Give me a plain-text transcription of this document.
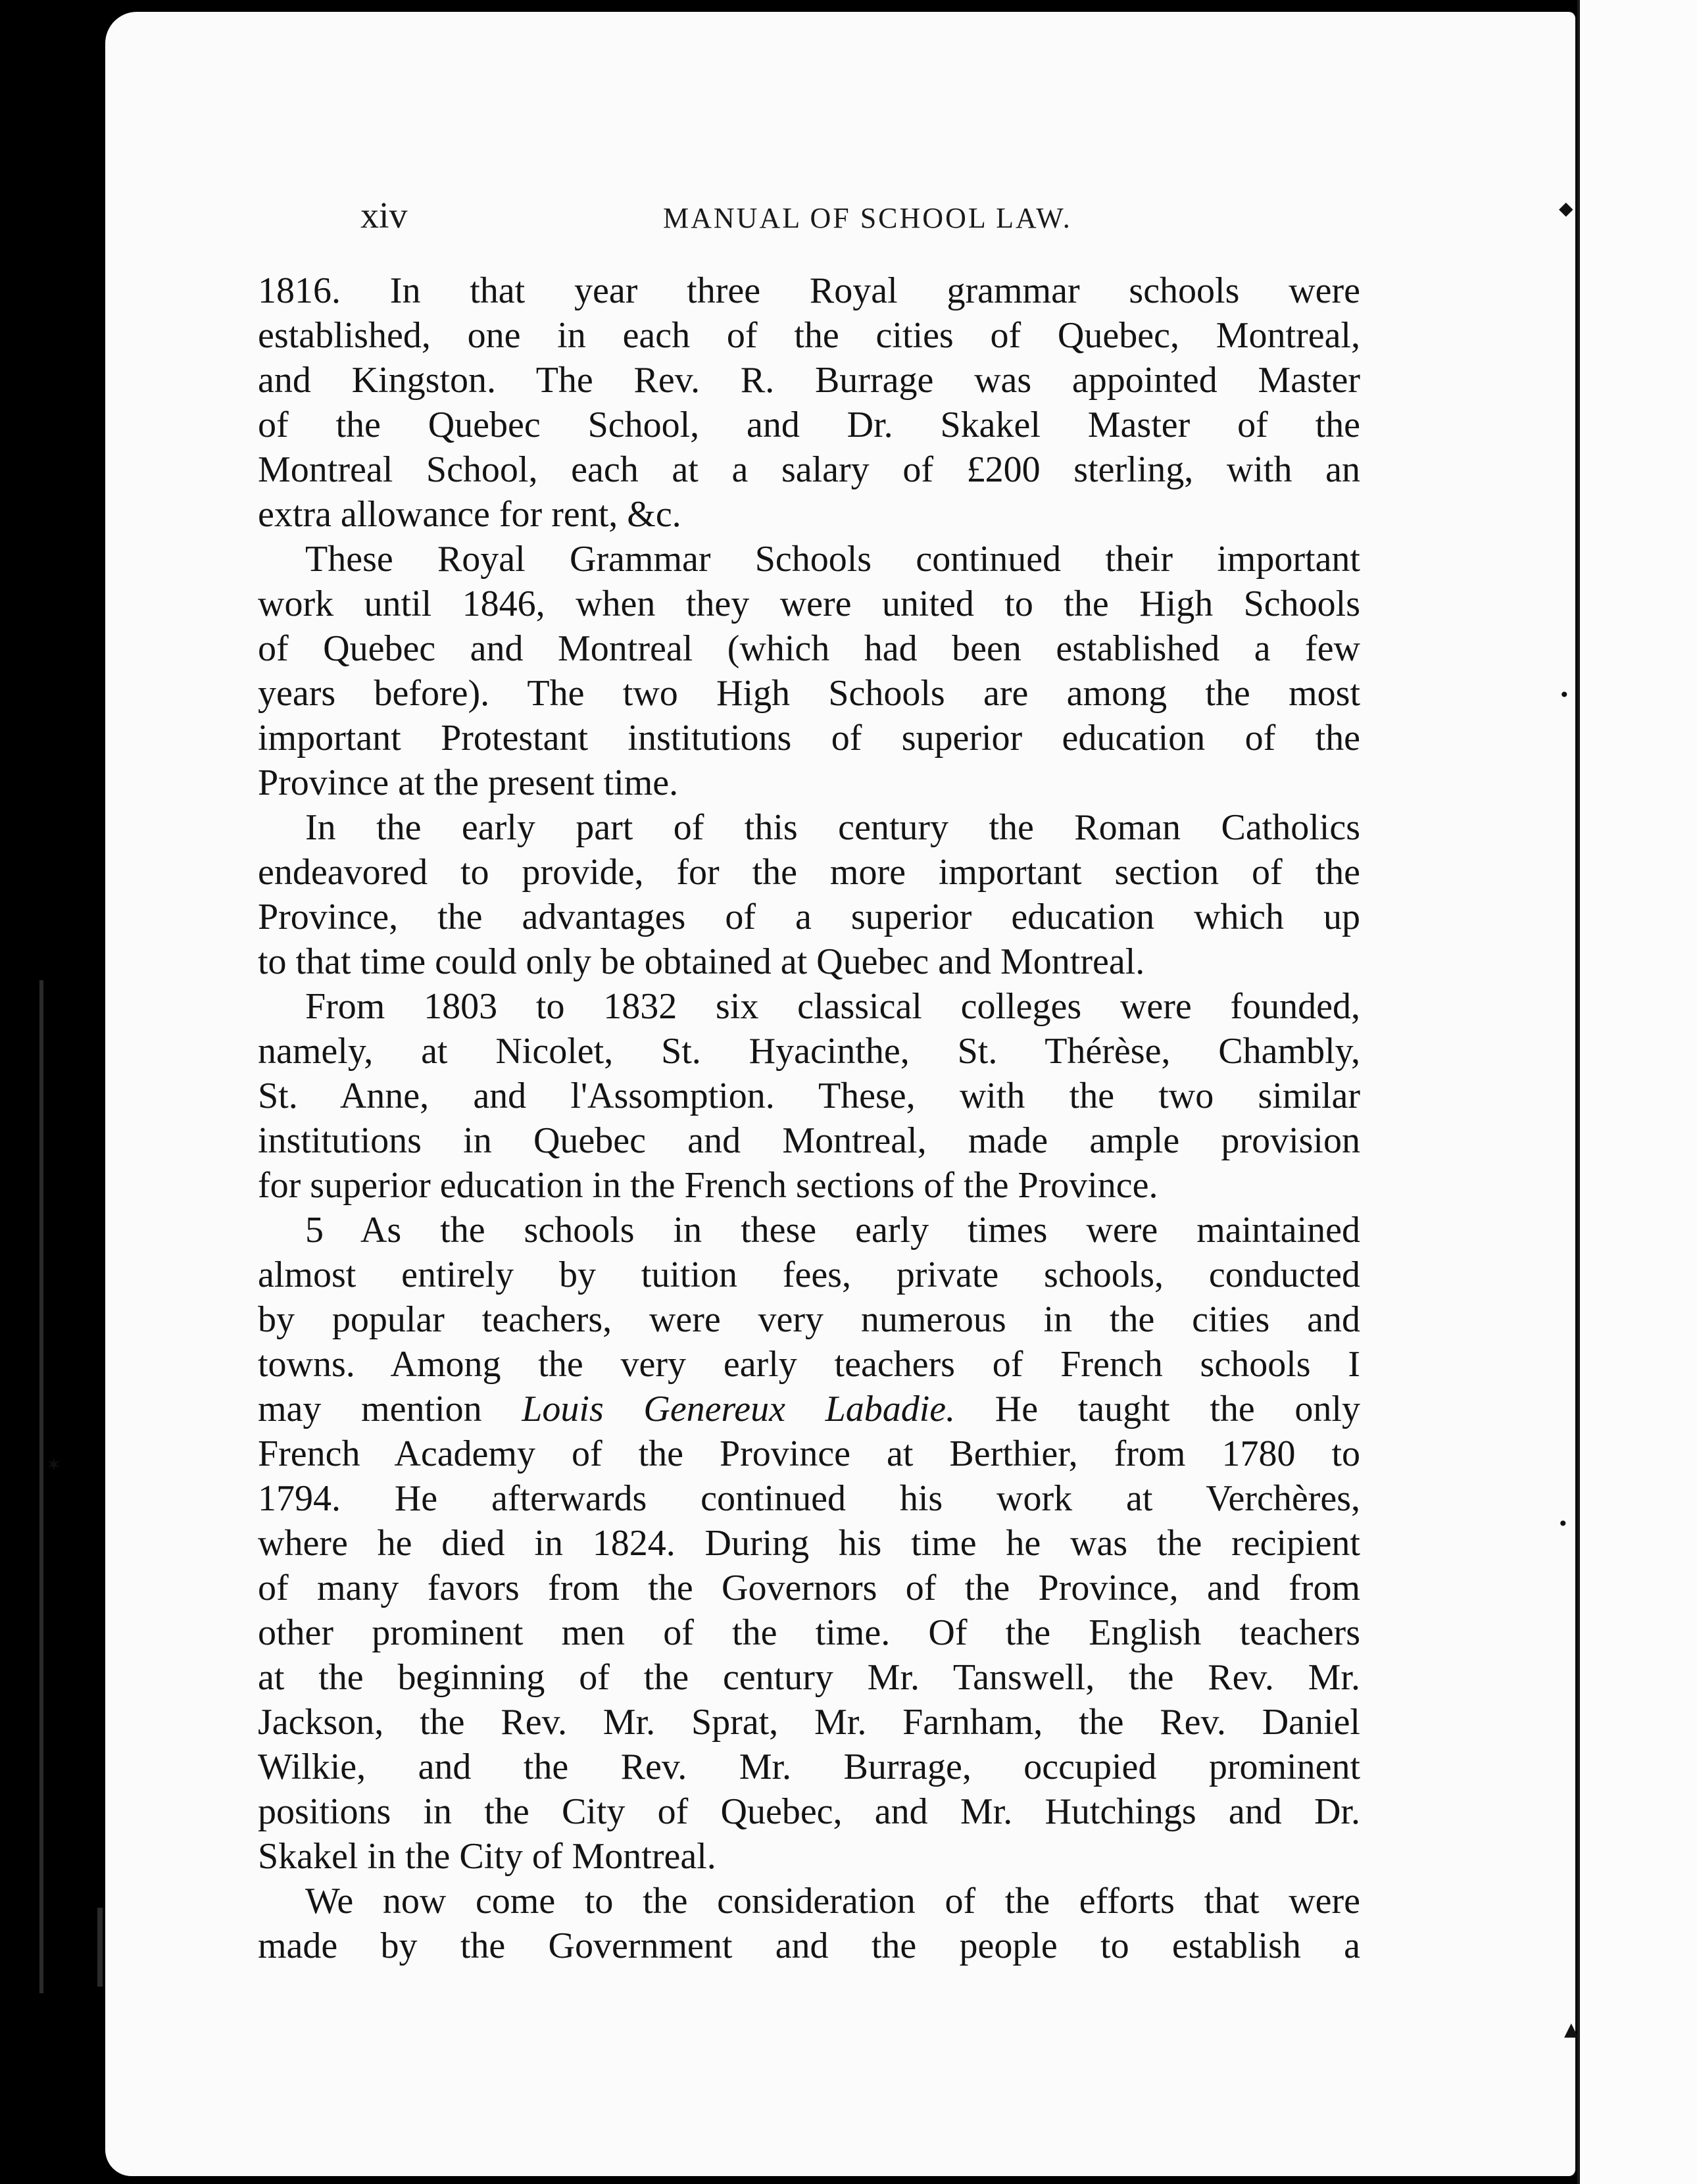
xiv	MANUAL OF SCHOOL LAW.	◆
•
•
▲
✶
1816. In that year three Royal grammar schools were
established, one in each of the cities of Quebec, Montreal,
and Kingston. The Rev. R. Burrage was appointed Master
of the Quebec School, and Dr. Skakel Master of the
Montreal School, each at a salary of £200 sterling, with an
extra allowance for rent, &c.
These Royal Grammar Schools continued their important
work until 1846, when they were united to the High Schools
of Quebec and Montreal (which had been established a few
years before). The two High Schools are among the most
important Protestant institutions of superior education of the
Province at the present time.
In the early part of this century the Roman Catholics
endeavored to provide, for the more important section of the
Province, the advantages of a superior education which up
to that time could only be obtained at Quebec and Montreal.
From 1803 to 1832 six classical colleges were founded,
namely, at Nicolet, St. Hyacinthe, St. Thérèse, Chambly,
St. Anne, and l'Assomption. These, with the two similar
institutions in Quebec and Montreal, made ample provision
for superior education in the French sections of the Province.
5 As the schools in these early times were maintained
almost entirely by tuition fees, private schools, conducted
by popular teachers, were very numerous in the cities and
towns. Among the very early teachers of French schools I
may mention Louis Genereux Labadie. He taught the only
French Academy of the Province at Berthier, from 1780 to
1794. He afterwards continued his work at Verchères,
where he died in 1824. During his time he was the recipient
of many favors from the Governors of the Province, and from
other prominent men of the time. Of the English teachers
at the beginning of the century Mr. Tanswell, the Rev. Mr.
Jackson, the Rev. Mr. Sprat, Mr. Farnham, the Rev. Daniel
Wilkie, and the Rev. Mr. Burrage, occupied prominent
positions in the City of Quebec, and Mr. Hutchings and Dr.
Skakel in the City of Montreal.
We now come to the consideration of the efforts that were
made by the Government and the people to establish a
